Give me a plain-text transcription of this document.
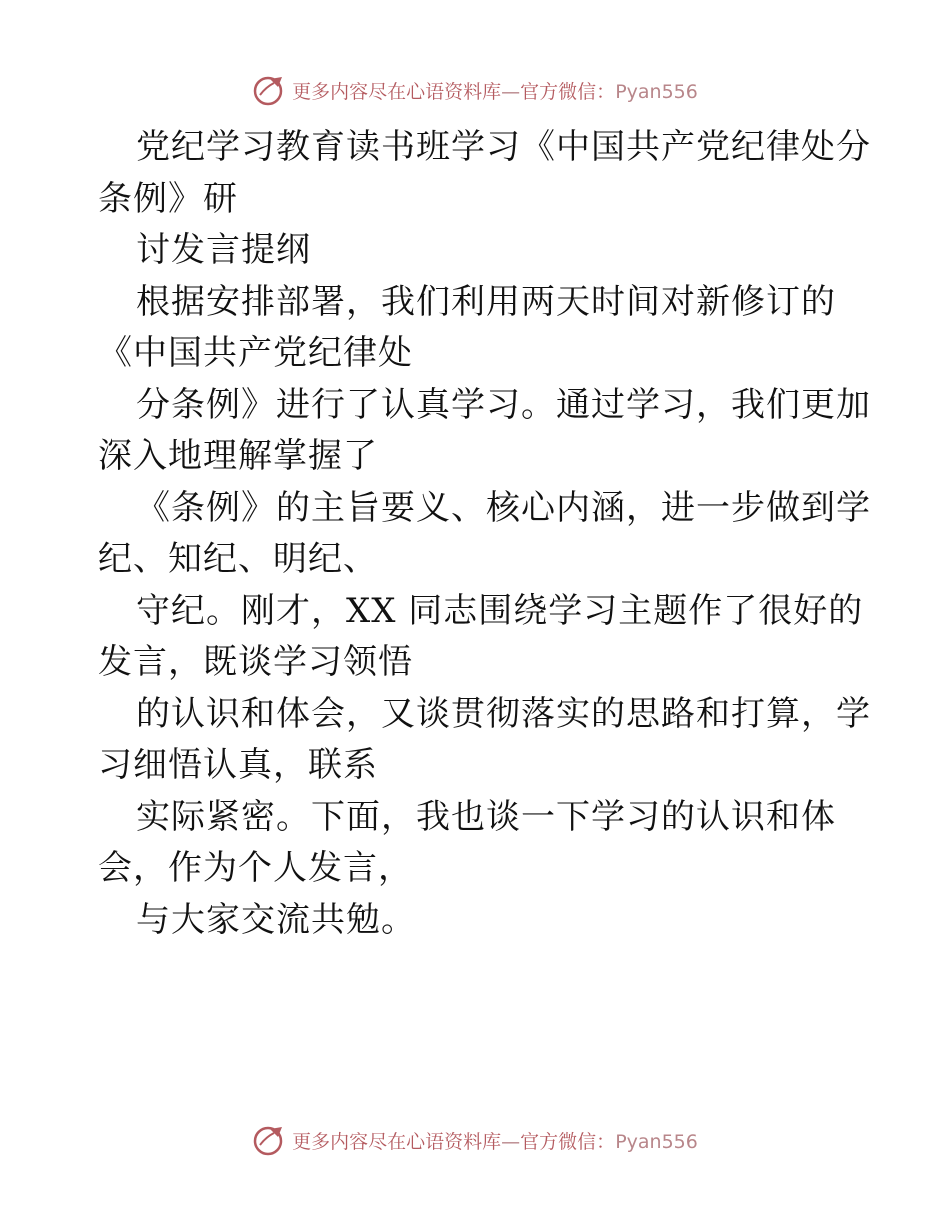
更多内容尽在心语资料库—官方微信：Pyan556
党纪学习教育读书班学习《中国共产党纪律处分
条例》研
讨发言提纲
根据安排部署，我们利用两天时间对新修订的
《中国共产党纪律处
分条例》进行了认真学习。通过学习，我们更加
深入地理解掌握了
《条例》的主旨要义、核心内涵，进一步做到学
纪、知纪、明纪、
守纪。刚才，XX 同志围绕学习主题作了很好的
发言，既谈学习领悟
的认识和体会，又谈贯彻落实的思路和打算，学
习细悟认真，联系
实际紧密。下面，我也谈一下学习的认识和体
会，作为个人发言，
与大家交流共勉。
更多内容尽在心语资料库—官方微信：Pyan556
